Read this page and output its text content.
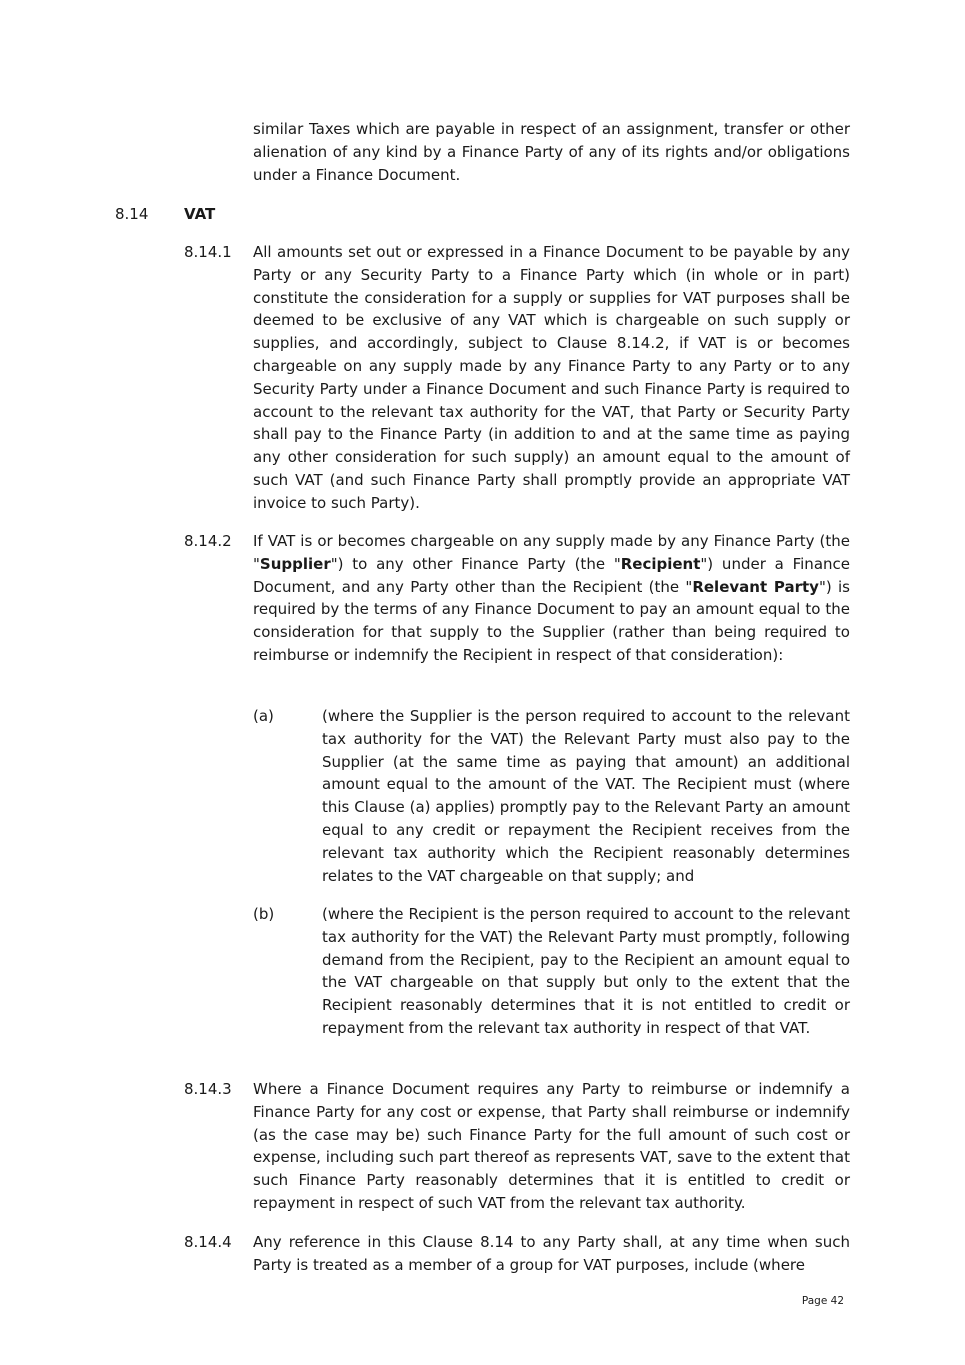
similar Taxes which are payable in respect of an assignment, transfer or other alienation of any kind by a Finance Party of any of its rights and/or obligations under a Finance Document.

8.14 VAT

8.14.1 All amounts set out or expressed in a Finance Document to be payable by any Party or any Security Party to a Finance Party which (in whole or in part) constitute the consideration for a supply or supplies for VAT purposes shall be deemed to be exclusive of any VAT which is chargeable on such supply or supplies, and accordingly, subject to Clause 8.14.2, if VAT is or becomes chargeable on any supply made by any Finance Party to any Party or to any Security Party under a Finance Document and such Finance Party is required to account to the relevant tax authority for the VAT, that Party or Security Party shall pay to the Finance Party (in addition to and at the same time as paying any other consideration for such supply) an amount equal to the amount of such VAT (and such Finance Party shall promptly provide an appropriate VAT invoice to such Party).

8.14.2 If VAT is or becomes chargeable on any supply made by any Finance Party (the "Supplier") to any other Finance Party (the "Recipient") under a Finance Document, and any Party other than the Recipient (the "Relevant Party") is required by the terms of any Finance Document to pay an amount equal to the consideration for that supply to the Supplier (rather than being required to reimburse or indemnify the Recipient in respect of that consideration):

(a)	(where the Supplier is the person required to account to the relevant tax authority for the VAT) the Relevant Party must also pay to the Supplier (at the same time as paying that amount) an additional amount equal to the amount of the VAT. The Recipient must (where this Clause (a) applies) promptly pay to the Relevant Party an amount equal to any credit or repayment the Recipient receives from the relevant tax authority which the Recipient reasonably determines relates to the VAT chargeable on that supply; and

(b)	(where the Recipient is the person required to account to the relevant tax authority for the VAT) the Relevant Party must promptly, following demand from the Recipient, pay to the Recipient an amount equal to the VAT chargeable on that supply but only to the extent that the Recipient reasonably determines that it is not entitled to credit or repayment from the relevant tax authority in respect of that VAT.

8.14.3 Where a Finance Document requires any Party to reimburse or indemnify a Finance Party for any cost or expense, that Party shall reimburse or indemnify (as the case may be) such Finance Party for the full amount of such cost or expense, including such part thereof as represents VAT, save to the extent that such Finance Party reasonably determines that it is entitled to credit or repayment in respect of such VAT from the relevant tax authority.

8.14.4 Any reference in this Clause 8.14 to any Party shall, at any time when such Party is treated as a member of a group for VAT purposes, include (where

Page 42
